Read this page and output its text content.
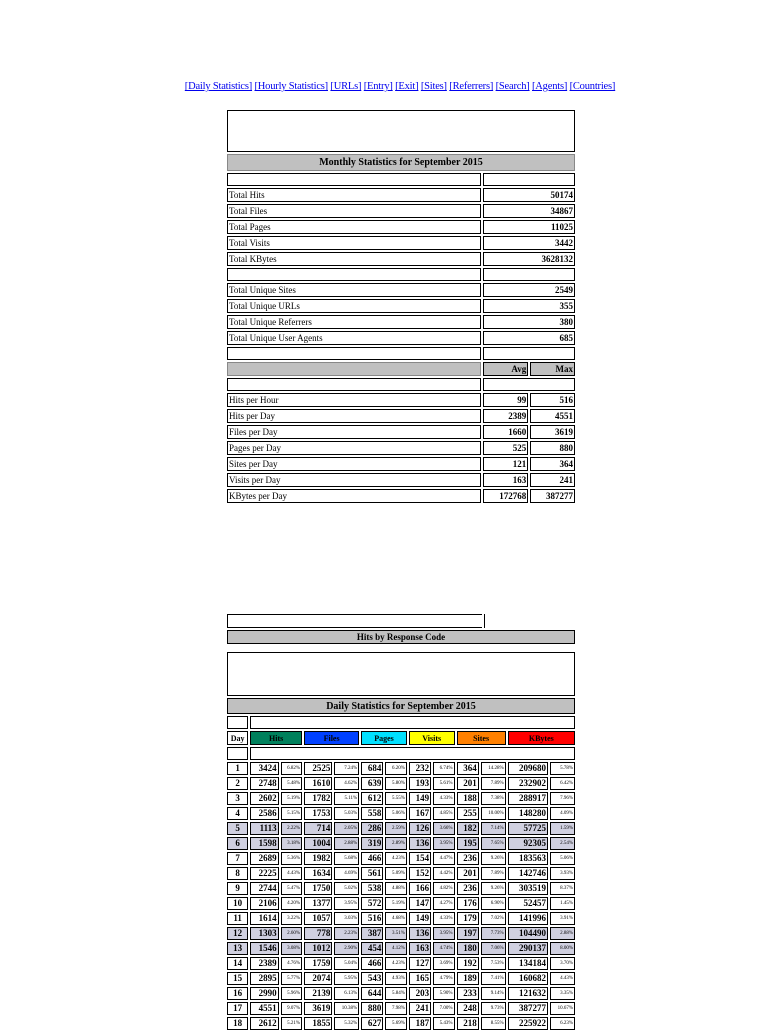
[Daily Statistics] [Hourly Statistics] [URLs] [Entry] [Exit] [Sites] [Referrers] [Search] [Agents] [Countries]

Monthly Statistics for September 2015		

Total Hits	50174	
Total Files	34867	
Total Pages	11025	
Total Visits	3442	
Total KBytes	3628132	

Total Unique Sites	2549	
Total Unique URLs	355	
Total Unique Referrers	380	
Total Unique User Agents	685	

	Avg	Max

Hits per Hour	99	516
Hits per Day	2389	4551
Files per Day	1660	3619
Pages per Day	525	880
Sites per Day	121	364
Visits per Day	163	241
KBytes per Day	172768	387277

Hits by Response Code

Daily Statistics for September 2015												

Day	Hits		Files		Pages		Visits		Sites		KBytes	

1	3424	6.82%	2525	7.24%	684	6.20%	232	6.74%	364	14.28%	209680	5.78%
2	2748	5.48%	1610	4.62%	639	5.80%	193	5.61%	201	7.89%	232902	6.42%
3	2602	5.19%	1782	5.11%	612	5.55%	149	4.33%	188	7.38%	288917	7.96%
4	2586	5.15%	1753	5.03%	558	5.06%	167	4.85%	255	10.00%	148280	4.09%
5	1113	2.22%	714	2.05%	286	2.59%	126	3.66%	182	7.14%	57725	1.59%
6	1598	3.18%	1004	2.88%	319	2.89%	136	3.95%	195	7.65%	92305	2.54%
7	2689	5.36%	1982	5.68%	466	4.23%	154	4.47%	236	9.26%	183563	5.06%
8	2225	4.43%	1634	4.69%	561	5.09%	152	4.42%	201	7.89%	142746	3.93%
9	2744	5.47%	1750	5.02%	538	4.88%	166	4.82%	236	9.26%	303519	8.37%
10	2106	4.20%	1377	3.95%	572	5.19%	147	4.27%	176	6.90%	52457	1.45%
11	1614	3.22%	1057	3.03%	516	4.68%	149	4.33%	179	7.02%	141996	3.91%
12	1303	2.60%	778	2.23%	387	3.51%	136	3.95%	197	7.73%	104490	2.88%
13	1546	3.08%	1012	2.90%	454	4.12%	163	4.74%	180	7.06%	290137	8.00%
14	2389	4.76%	1759	5.04%	466	4.23%	127	3.69%	192	7.53%	134184	3.70%
15	2895	5.77%	2074	5.95%	543	4.93%	165	4.79%	189	7.41%	160682	4.43%
16	2990	5.96%	2139	6.13%	644	5.84%	203	5.90%	233	9.14%	121632	3.35%
17	4551	9.07%	3619	10.38%	880	7.98%	241	7.00%	248	9.73%	387277	10.67%
18	2612	5.21%	1855	5.32%	627	5.69%	187	5.43%	218	8.55%	225922	6.23%
